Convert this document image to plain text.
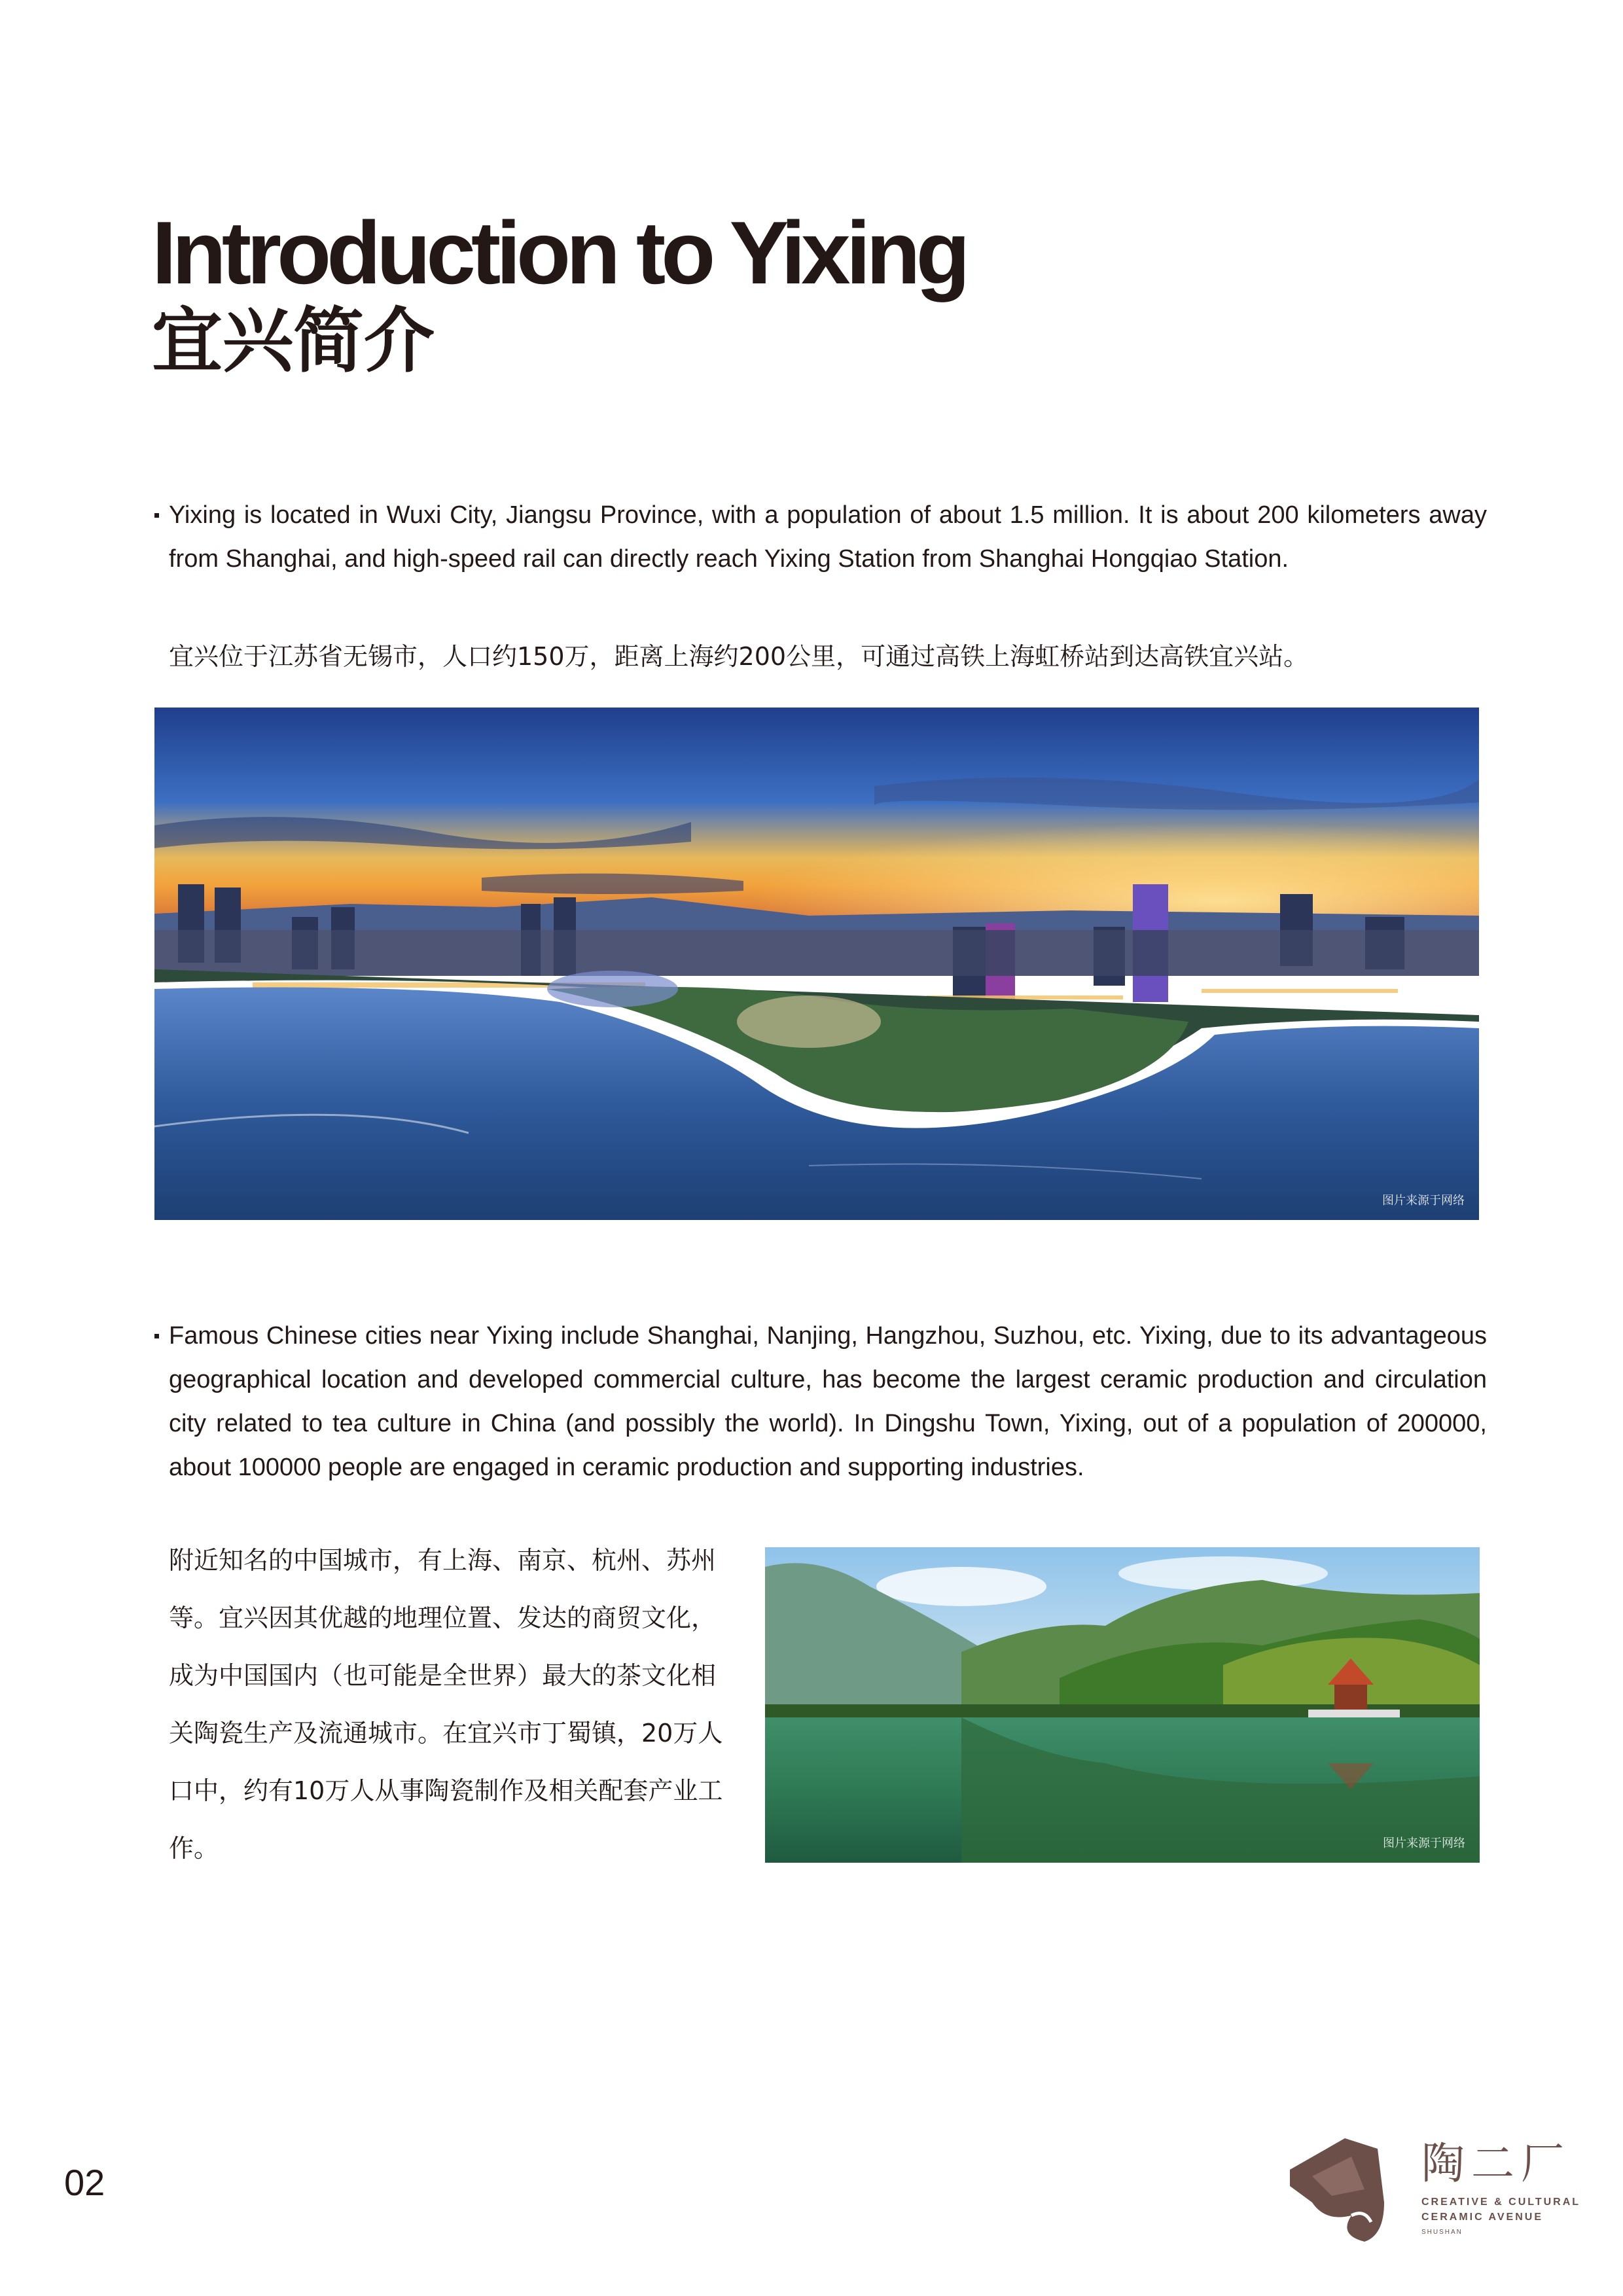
Introduction to Yixing
宜兴简介
Yixing is located in Wuxi City, Jiangsu Province, with a population of about 1.5 million. It is about 200 kilometers away from Shanghai, and high-speed rail can directly reach Yixing Station from Shanghai Hongqiao Station.
宜兴位于江苏省无锡市，人口约150万，距离上海约200公里，可通过高铁上海虹桥站到达高铁宜兴站。
图片来源于网络
Famous Chinese cities near Yixing include Shanghai, Nanjing, Hangzhou, Suzhou, etc. Yixing, due to its advantageous geographical location and developed commercial culture, has become the largest ceramic production and circulation city related to tea culture in China (and possibly the world). In Dingshu Town, Yixing, out of a population of 200000, about 100000 people are engaged in ceramic production and supporting industries.
附近知名的中国城市，有上海、南京、杭州、苏州等。宜兴因其优越的地理位置、发达的商贸文化，成为中国国内（也可能是全世界）最大的茶文化相关陶瓷生产及流通城市。在宜兴市丁蜀镇，20万人口中，约有10万人从事陶瓷制作及相关配套产业工作。	图片来源于网络
02	陶二厂
CREATIVE & CULTURAL
CERAMIC AVENUE
SHUSHAN
